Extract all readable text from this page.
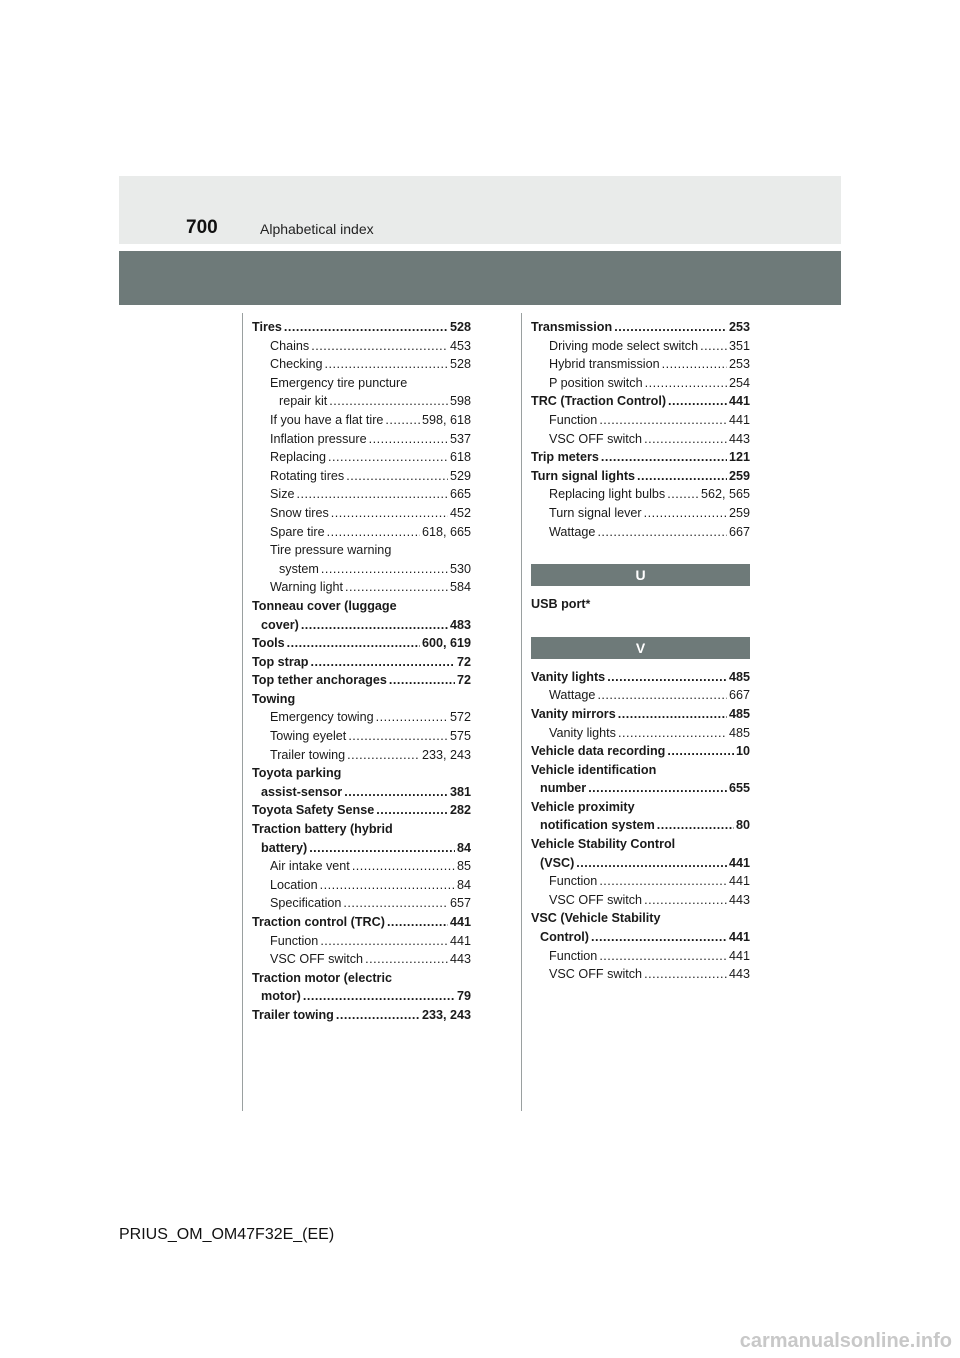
700	Alphabetical index
Tires .....	528
Chains .....	453
Checking .....	528
Emergency tire puncture
repair kit .....	598
If you have a flat tire .....	598, 618
Inflation pressure .....	537
Replacing .....	618
Rotating tires .....	529
Size .....	665
Snow tires .....	452
Spare tire .....	618, 665
Tire pressure warning
system .....	530
Warning light .....	584
Tonneau cover (luggage
cover) .....	483
Tools .....	600, 619
Top strap .....	72
Top tether anchorages .....	72
Towing
Emergency towing .....	572
Towing eyelet .....	575
Trailer towing .....	233, 243
Toyota parking
assist-sensor .....	381
Toyota Safety Sense .....	282
Traction battery (hybrid
battery) .....	84
Air intake vent .....	85
Location .....	84
Specification .....	657
Traction control (TRC) .....	441
Function .....	441
VSC OFF switch .....	443
Traction motor (electric
motor) .....	79
Trailer towing .....	233, 243
Transmission .....	253
Driving mode select switch ..... 351
Hybrid transmission .....	253
P position switch .....	254
TRC (Traction Control) .....	441
Function .....	441
VSC OFF switch .....	443
Trip meters .....	121
Turn signal lights .....	259
Replacing light bulbs .....	562, 565
Turn signal lever .....	259
Wattage .....	667
U
USB port *
V
Vanity lights .....	485
Wattage .....	667
Vanity mirrors .....	485
Vanity lights .....	485
Vehicle data recording .....	10
Vehicle identification
number .....	655
Vehicle proximity
notification system .....	80
Vehicle Stability Control
(VSC) .....	441
Function .....	441
VSC OFF switch .....	443
VSC (Vehicle Stability
Control) .....	441
Function .....	441
VSC OFF switch .....	443
PRIUS_OM_OM47F32E_(EE)
carmanualsonline.info
